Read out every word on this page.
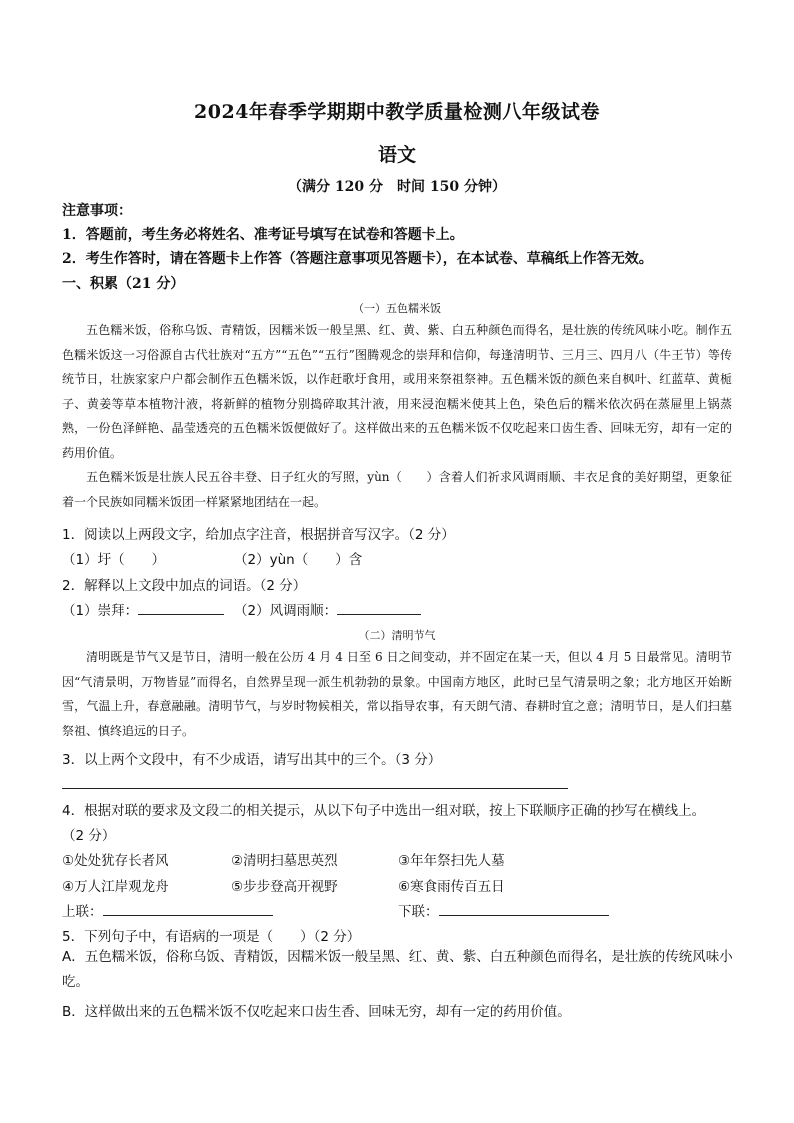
2024年春季学期期中教学质量检测八年级试卷
语文
（满分 120 分　时间 150 分钟）
注意事项：
1．答题前，考生务必将姓名、准考证号填写在试卷和答题卡上。
2．考生作答时，请在答题卡上作答（答题注意事项见答题卡），在本试卷、草稿纸上作答无效。
一、积累（21 分）
（一）五色糯米饭

五色糯米饭，俗称乌饭、青精饭，因糯米饭一般呈黑、红、黄、紫、白五种颜色而得名，是壮族的传统风味小吃。制作五色糯米饭这一习俗源自古代壮族对“五方”“五色”“五行”图腾观念的崇拜和信仰，每逢清明节、三月三、四月八（牛王节）等传统节日，壮族家家户户都会制作五色糯米饭，以作赶歌圩食用，或用来祭祖祭神。五色糯米饭的颜色来自枫叶、红蓝草、黄栀子、黄姜等草本植物汁液，将新鲜的植物分别捣碎取其汁液，用来浸泡糯米使其上色，染色后的糯米依次码在蒸屉里上锅蒸熟，一份色泽鲜艳、晶莹透亮的五色糯米饭便做好了。这样做出来的五色糯米饭不仅吃起来口齿生香、回味无穷，却有一定的药用价值。

五色糯米饭是壮族人民五谷丰登、日子红火的写照，yùn（　　）含着人们祈求风调雨顺、丰衣足食的美好期望，更象征着一个民族如同糯米饭团一样紧紧地团结在一起。

1．阅读以上两段文字，给加点字注音，根据拼音写汉字。（2 分）
（1）圩（　　）	（2）yùn（　　）含
2．解释以上文段中加点的词语。（2 分）
（1）崇拜：	（2）风调雨顺：
（二）清明节气

清明既是节气又是节日，清明一般在公历 4 月 4 日至 6 日之间变动，并不固定在某一天，但以 4 月 5 日最常见。清明节因“气清景明，万物皆显”而得名，自然界呈现一派生机勃勃的景象。中国南方地区，此时已呈气清景明之象；北方地区开始断雪，气温上升，春意融融。清明节气，与岁时物候相关，常以指导农事，有天朗气清、春耕时宜之意；清明节日，是人们扫墓祭祖、慎终追远的日子。

3．以上两个文段中，有不少成语，请写出其中的三个。（3 分）
4．根据对联的要求及文段二的相关提示，从以下句子中选出一组对联，按上下联顺序正确的抄写在横线上。
（2 分）
①处处犹存长者风	②清明扫墓思英烈	③年年祭扫先人墓
④万人江岸观龙舟	⑤步步登高开视野	⑥寒食雨传百五日
上联：	下联：
5．下列句子中，有语病的一项是（　　）（2 分）

A．五色糯米饭，俗称乌饭、青精饭，因糯米饭一般呈黑、红、黄、紫、白五种颜色而得名，是壮族的传统风味小吃。

B．这样做出来的五色糯米饭不仅吃起来口齿生香、回味无穷，却有一定的药用价值。
